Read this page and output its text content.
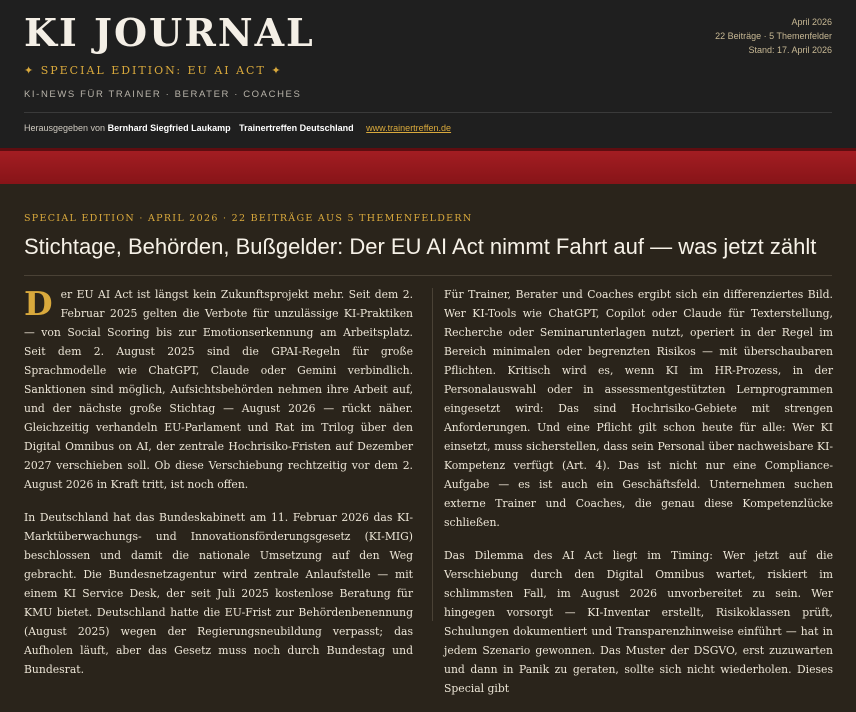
KI JOURNAL
✦ SPECIAL EDITION: EU AI ACT ✦
KI-NEWS FÜR TRAINER · BERATER · COACHES
Herausgegeben von Bernhard Siegfried Laukamp Trainertreffen Deutschland www.trainertreffen.de
April 2026
22 Beiträge · 5 Themenfelder
Stand: 17. April 2026
SPECIAL EDITION · APRIL 2026 · 22 BEITRÄGE AUS 5 THEMENFELDERN
Stichtage, Behörden, Bußgelder: Der EU AI Act nimmt Fahrt auf — was jetzt zählt

Der EU AI Act ist längst kein Zukunftsprojekt mehr. Seit dem 2. Februar 2025 gelten die Verbote für unzulässige KI-Praktiken — von Social Scoring bis zur Emotionserkennung am Arbeitsplatz. Seit dem 2. August 2025 sind die GPAI-Regeln für große Sprachmodelle wie ChatGPT, Claude oder Gemini verbindlich. Sanktionen sind möglich, Aufsichtsbehörden nehmen ihre Arbeit auf, und der nächste große Stichtag — August 2026 — rückt näher. Gleichzeitig verhandeln EU-Parlament und Rat im Trilog über den Digital Omnibus on AI, der zentrale Hochrisiko-Fristen auf Dezember 2027 verschieben soll. Ob diese Verschiebung rechtzeitig vor dem 2. August 2026 in Kraft tritt, ist noch offen.

In Deutschland hat das Bundeskabinett am 11. Februar 2026 das KI-Marktüberwachungs- und Innovationsförderungsgesetz (KI-MIG) beschlossen und damit die nationale Umsetzung auf den Weg gebracht. Die Bundesnetzagentur wird zentrale Anlaufstelle — mit einem KI Service Desk, der seit Juli 2025 kostenlose Beratung für KMU bietet. Deutschland hatte die EU-Frist zur Behördenbenennung (August 2025) wegen der Regierungsneubildung verpasst; das Aufholen läuft, aber das Gesetz muss noch durch Bundestag und Bundesrat.

Für Trainer, Berater und Coaches ergibt sich ein differenziertes Bild. Wer KI-Tools wie ChatGPT, Copilot oder Claude für Texterstellung, Recherche oder Seminarunterlagen nutzt, operiert in der Regel im Bereich minimalen oder begrenzten Risikos — mit überschaubaren Pflichten. Kritisch wird es, wenn KI im HR-Prozess, in der Personalauswahl oder in assessmentgestützten Lernprogrammen eingesetzt wird: Das sind Hochrisiko-Gebiete mit strengen Anforderungen. Und eine Pflicht gilt schon heute für alle: Wer KI einsetzt, muss sicherstellen, dass sein Personal über nachweisbare KI-Kompetenz verfügt (Art. 4). Das ist nicht nur eine Compliance-Aufgabe — es ist auch ein Geschäftsfeld. Unternehmen suchen externe Trainer und Coaches, die genau diese Kompetenzlücke schließen.

Das Dilemma des AI Act liegt im Timing: Wer jetzt auf die Verschiebung durch den Digital Omnibus wartet, riskiert im schlimmsten Fall, im August 2026 unvorbereitet zu sein. Wer hingegen vorsorgt — KI-Inventar erstellt, Risikoklassen prüft, Schulungen dokumentiert und Transparenzhinweise einführt — hat in jedem Szenario gewonnen. Das Muster der DSGVO, erst zuzuwarten und dann in Panik zu geraten, sollte sich nicht wiederholen. Dieses Special gibt
